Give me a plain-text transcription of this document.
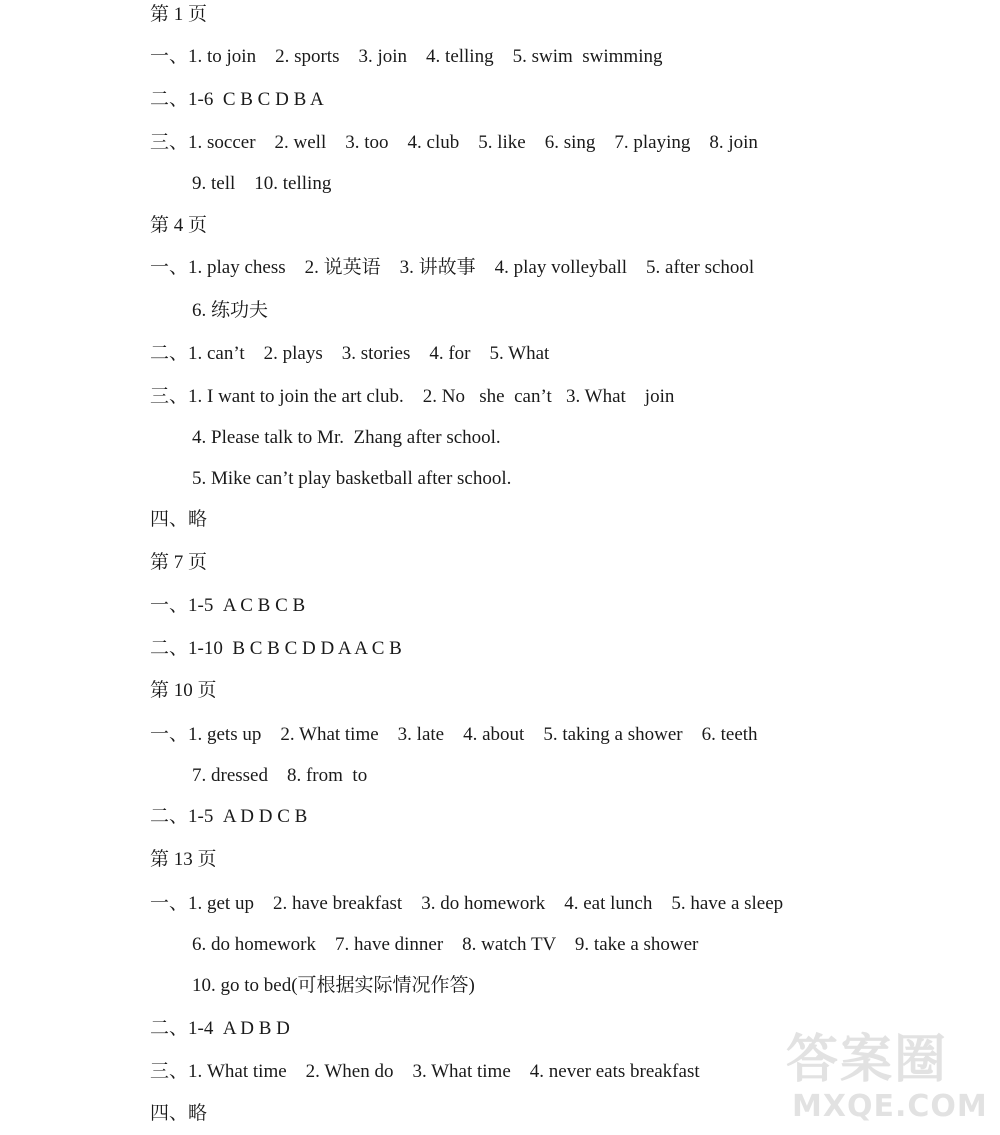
第 1 页
一、1. to join    2. sports    3. join    4. telling    5. swim  swimming
二、1-6  C B C D B A
三、1. soccer    2. well    3. too    4. club    5. like    6. sing    7. playing    8. join
9. tell    10. telling
第 4 页
一、1. play chess    2. 说英语    3. 讲故事    4. play volleyball    5. after school
6. 练功夫
二、1. can’t    2. plays    3. stories    4. for    5. What
三、1. I want to join the art club.    2. No   she  can’t   3. What    join
4. Please talk to Mr.  Zhang after school.
5. Mike can’t play basketball after school.
四、略
第 7 页
一、1-5  A C B C B
二、1-10  B C B C D D A A C B
第 10 页
一、1. gets up    2. What time    3. late    4. about    5. taking a shower    6. teeth
7. dressed    8. from  to
二、1-5  A D D C B
第 13 页
一、1. get up    2. have breakfast    3. do homework    4. eat lunch    5. have a sleep
6. do homework    7. have dinner    8. watch TV    9. take a shower
10. go to bed(可根据实际情况作答)
二、1-4  A D B D
三、1. What time    2. When do    3. What time    4. never eats breakfast
四、略
答案圈
MXQE.COM
